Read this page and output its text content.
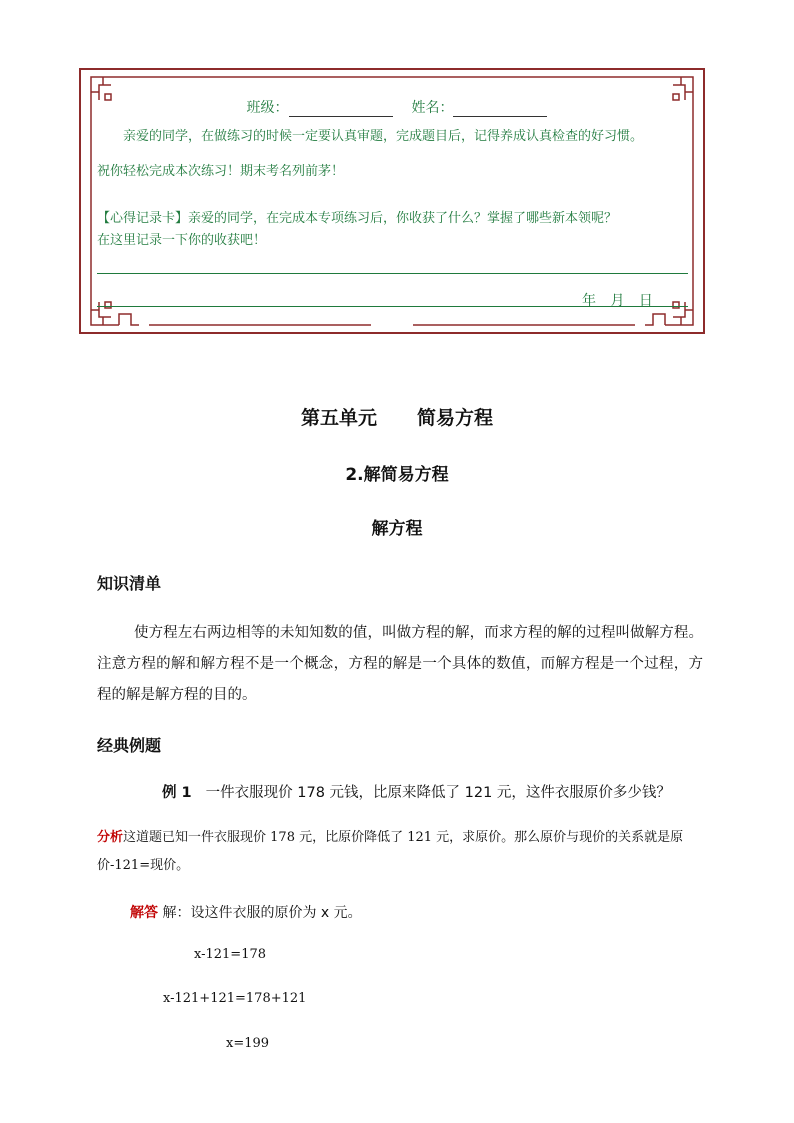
班级：	姓名：
亲爱的同学，在做练习的时候一定要认真审题，完成题目后，记得养成认真检查的好习惯。
祝你轻松完成本次练习！期末考名列前茅！
【心得记录卡】亲爱的同学，在完成本专项练习后，你收获了什么？掌握了哪些新本领呢？
在这里记录一下你的收获吧！
年 月 日
第五单元 简易方程
2.解简易方程
解方程
知识清单
使方程左右两边相等的未知知数的值，叫做方程的解，而求方程的解的过程叫做解方程。注意方程的解和解方程不是一个概念，方程的解是一个具体的数值，而解方程是一个过程，方程的解是解方程的目的。
经典例题
例 1 一件衣服现价 178 元钱，比原来降低了 121 元，这件衣服原价多少钱？
分析这道题已知一件衣服现价 178 元，比原价降低了 121 元，求原价。那么原价与现价的关系就是原价-121=现价。
解答 解：设这件衣服的原价为 x 元。
x-121=178
x-121+121=178+121
x=199
